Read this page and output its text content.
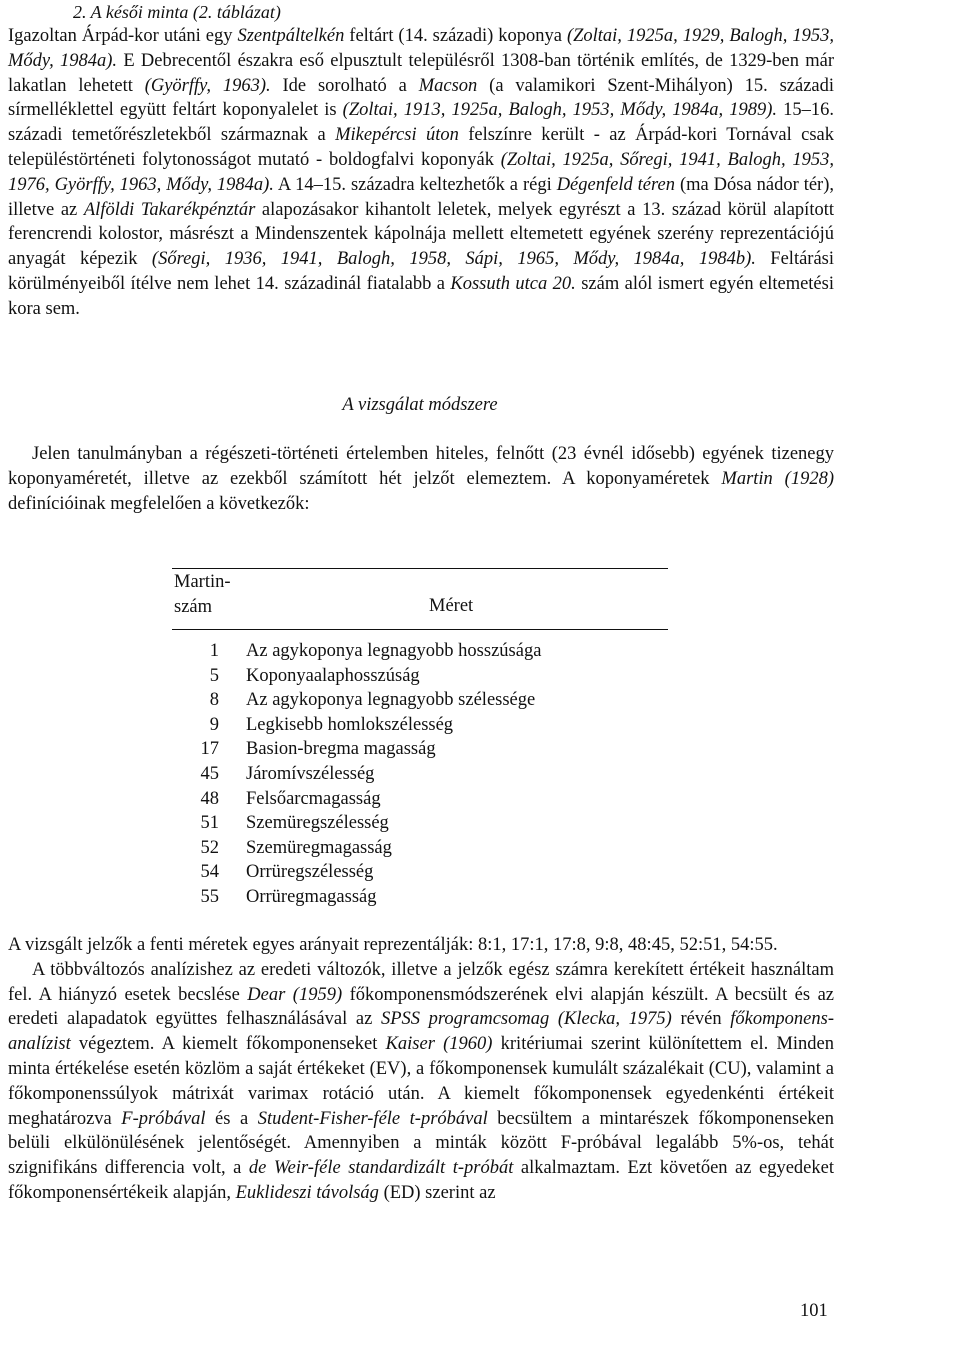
2. A késői minta (2. táblázat)

Igazoltan Árpád-kor utáni egy Szentpáltelkén feltárt (14. századi) koponya (Zoltai, 1925a, 1929, Balogh, 1953, Mődy, 1984a). E Debrecentől északra eső elpusztult településről 1308-ban történik említés, de 1329-ben már lakatlan lehetett (Györffy, 1963). Ide sorolható a Macson (a valamikori Szent-Mihályon) 15. századi sírmelléklettel együtt feltárt koponyalelet is (Zoltai, 1913, 1925a, Balogh, 1953, Mődy, 1984a, 1989). 15–16. századi temetőrészletekből származnak a Mikepércsi úton felszínre került - az Árpád-kori Tornával csak településtörténeti folytonosságot mutató - boldogfalvi koponyák (Zoltai, 1925a, Sőregi, 1941, Balogh, 1953, 1976, Györffy, 1963, Mődy, 1984a). A 14–15. századra keltezhetők a régi Dégenfeld téren (ma Dósa nádor tér), illetve az Alföldi Takarékpénztár alapozásakor kihantolt leletek, melyek egyrészt a 13. század körül alapított ferencrendi kolostor, másrészt a Mindenszentek kápolnája mellett eltemetett egyének szerény reprezentációjú anyagát képezik (Sőregi, 1936, 1941, Balogh, 1958, Sápi, 1965, Mődy, 1984a, 1984b). Feltárási körülményeiből ítélve nem lehet 14. századinál fiatalabb a Kossuth utca 20. szám alól ismert egyén eltemetési kora sem.

A vizsgálat módszere

Jelen tanulmányban a régészeti-történeti értelemben hiteles, felnőtt (23 évnél idősebb) egyének tizenegy koponyaméretét, illetve az ezekből számított hét jelzőt elemeztem. A koponyaméretek Martin (1928) definícióinak megfelelően a következők:

Martin-
szám	Méret
1 Az agykoponya legnagyobb hosszúsága
5 Koponyaalaphosszúság
8 Az agykoponya legnagyobb szélessége
9 Legkisebb homlokszélesség
17 Basion-bregma magasság
45 Járomívszélesség
48 Felsőarcmagasság
51 Szemüregszélesség
52 Szemüregmagasság
54 Orrüregszélesség
55 Orrüregmagasság

A vizsgált jelzők a fenti méretek egyes arányait reprezentálják: 8:1, 17:1, 17:8, 9:8, 48:45, 52:51, 54:55.

A többváltozós analízishez az eredeti változók, illetve a jelzők egész számra kerekített értékeit használtam fel. A hiányzó esetek becslése Dear (1959) főkomponensmódszerének elvi alapján készült. A becsült és az eredeti alapadatok együttes felhasználásával az SPSS programcsomag (Klecka, 1975) révén főkomponens-analízist végeztem. A kiemelt főkomponenseket Kaiser (1960) kritériumai szerint különítettem el. Minden minta értékelése esetén közlöm a saját értékeket (EV), a főkomponensek kumulált százalékait (CU), valamint a főkomponenssúlyok mátrixát varimax rotáció után. A kiemelt főkomponensek egyedenkénti értékeit meghatározva F-próbával és a Student-Fisher-féle t-próbával becsültem a mintarészek főkomponenseken belüli elkülönülésének jelentőségét. Amennyiben a minták között F-próbával legalább 5%-os, tehát szignifikáns differencia volt, a de Weir-féle standardizált t-próbát alkalmaztam. Ezt követően az egyedeket főkomponensértékeik alapján, Euklideszi távolság (ED) szerint az

101
